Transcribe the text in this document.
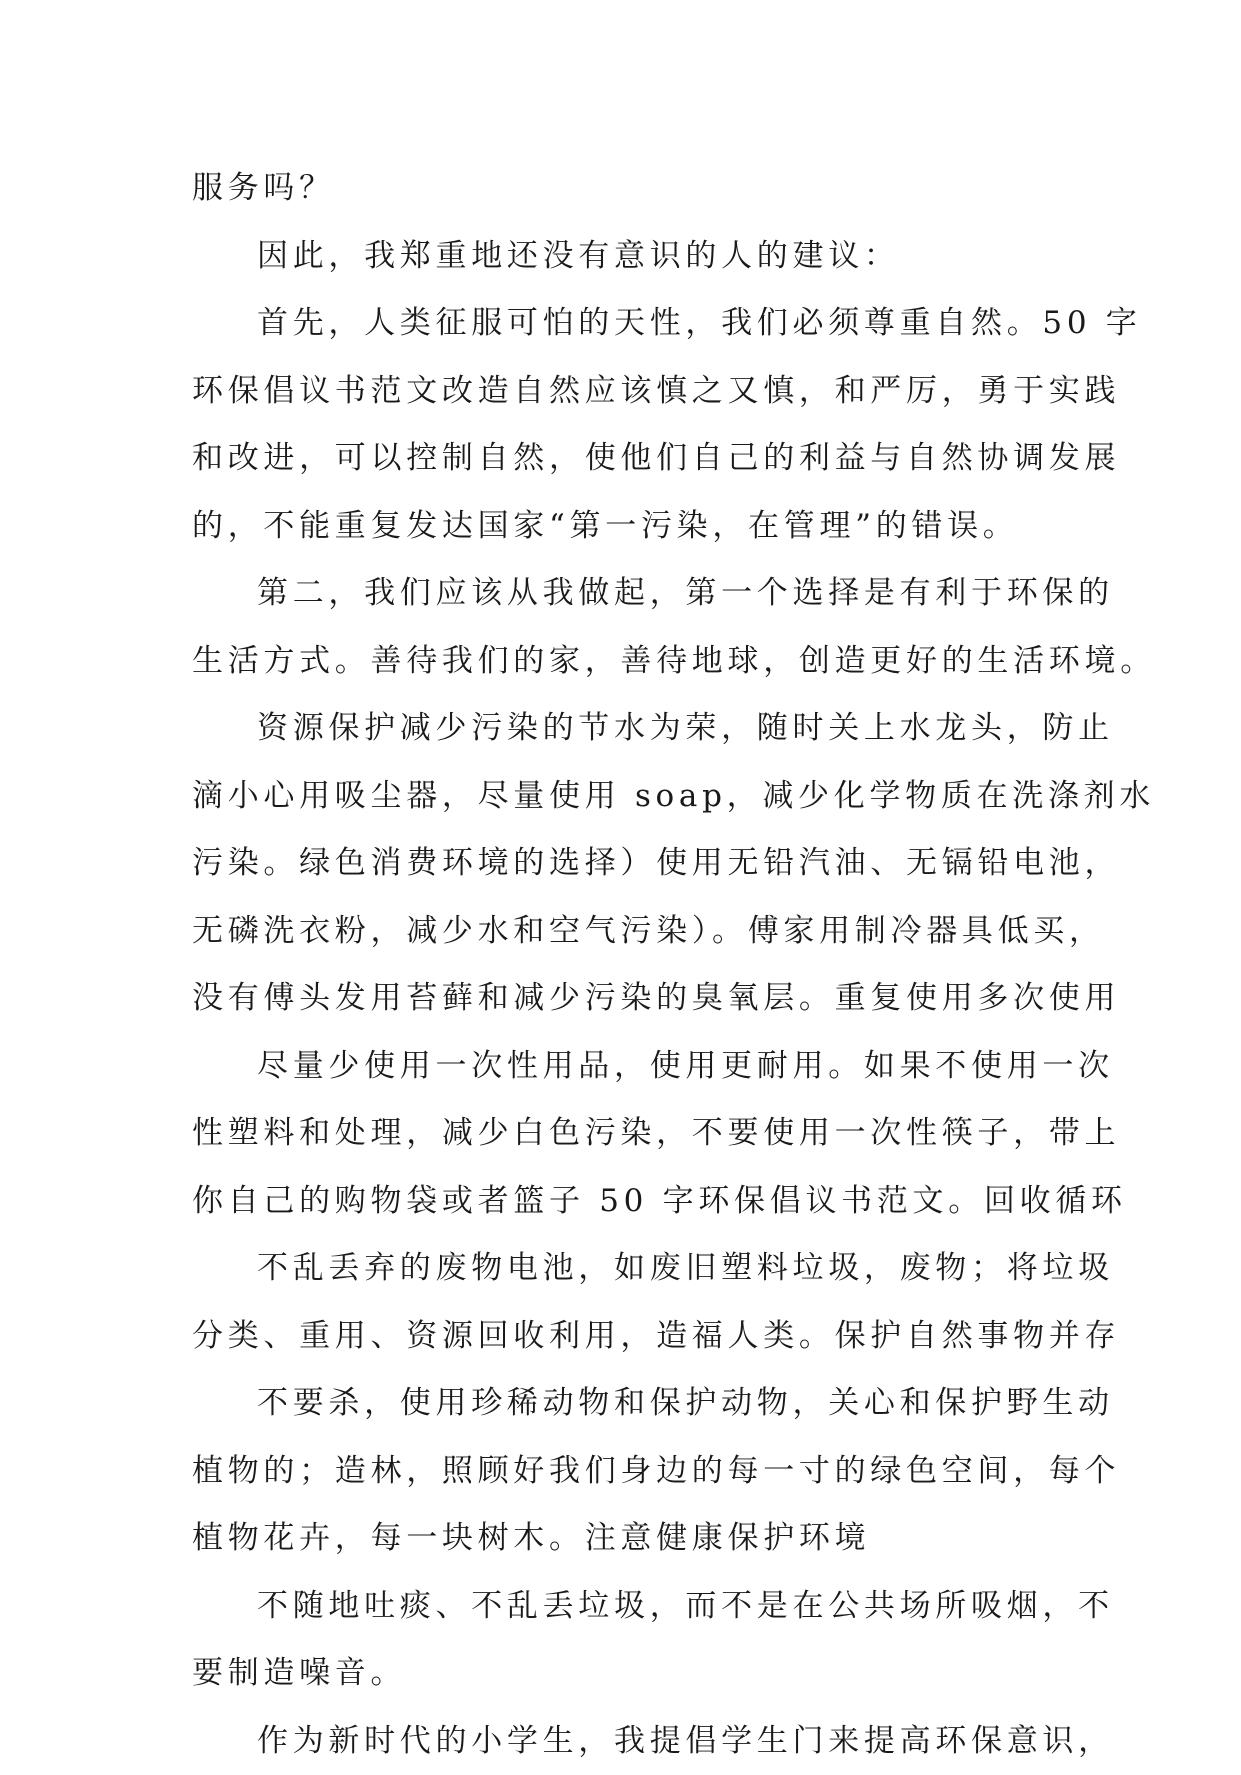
服务吗？
因此，我郑重地还没有意识的人的建议：
首先，人类征服可怕的天性，我们必须尊重自然。50 字
环保倡议书范文改造自然应该慎之又慎，和严厉，勇于实践
和改进，可以控制自然，使他们自己的利益与自然协调发展
的，不能重复发达国家“第一污染，在管理”的错误。
第二，我们应该从我做起，第一个选择是有利于环保的
生活方式。善待我们的家，善待地球，创造更好的生活环境。
资源保护减少污染的节水为荣，随时关上水龙头，防止
滴小心用吸尘器，尽量使用 soap，减少化学物质在洗涤剂水
污染。绿色消费环境的选择）使用无铅汽油、无镉铅电池，
无磷洗衣粉，减少水和空气污染）。傅家用制冷器具低买，
没有傅头发用苔藓和减少污染的臭氧层。重复使用多次使用
尽量少使用一次性用品，使用更耐用。如果不使用一次
性塑料和处理，减少白色污染，不要使用一次性筷子，带上
你自己的购物袋或者篮子 50 字环保倡议书范文。回收循环
不乱丢弃的废物电池，如废旧塑料垃圾，废物；将垃圾
分类、重用、资源回收利用，造福人类。保护自然事物并存
不要杀，使用珍稀动物和保护动物，关心和保护野生动
植物的；造林，照顾好我们身边的每一寸的绿色空间，每个
植物花卉，每一块树木。注意健康保护环境
不随地吐痰、不乱丢垃圾，而不是在公共场所吸烟，不
要制造噪音。
作为新时代的小学生，我提倡学生门来提高环保意识，
